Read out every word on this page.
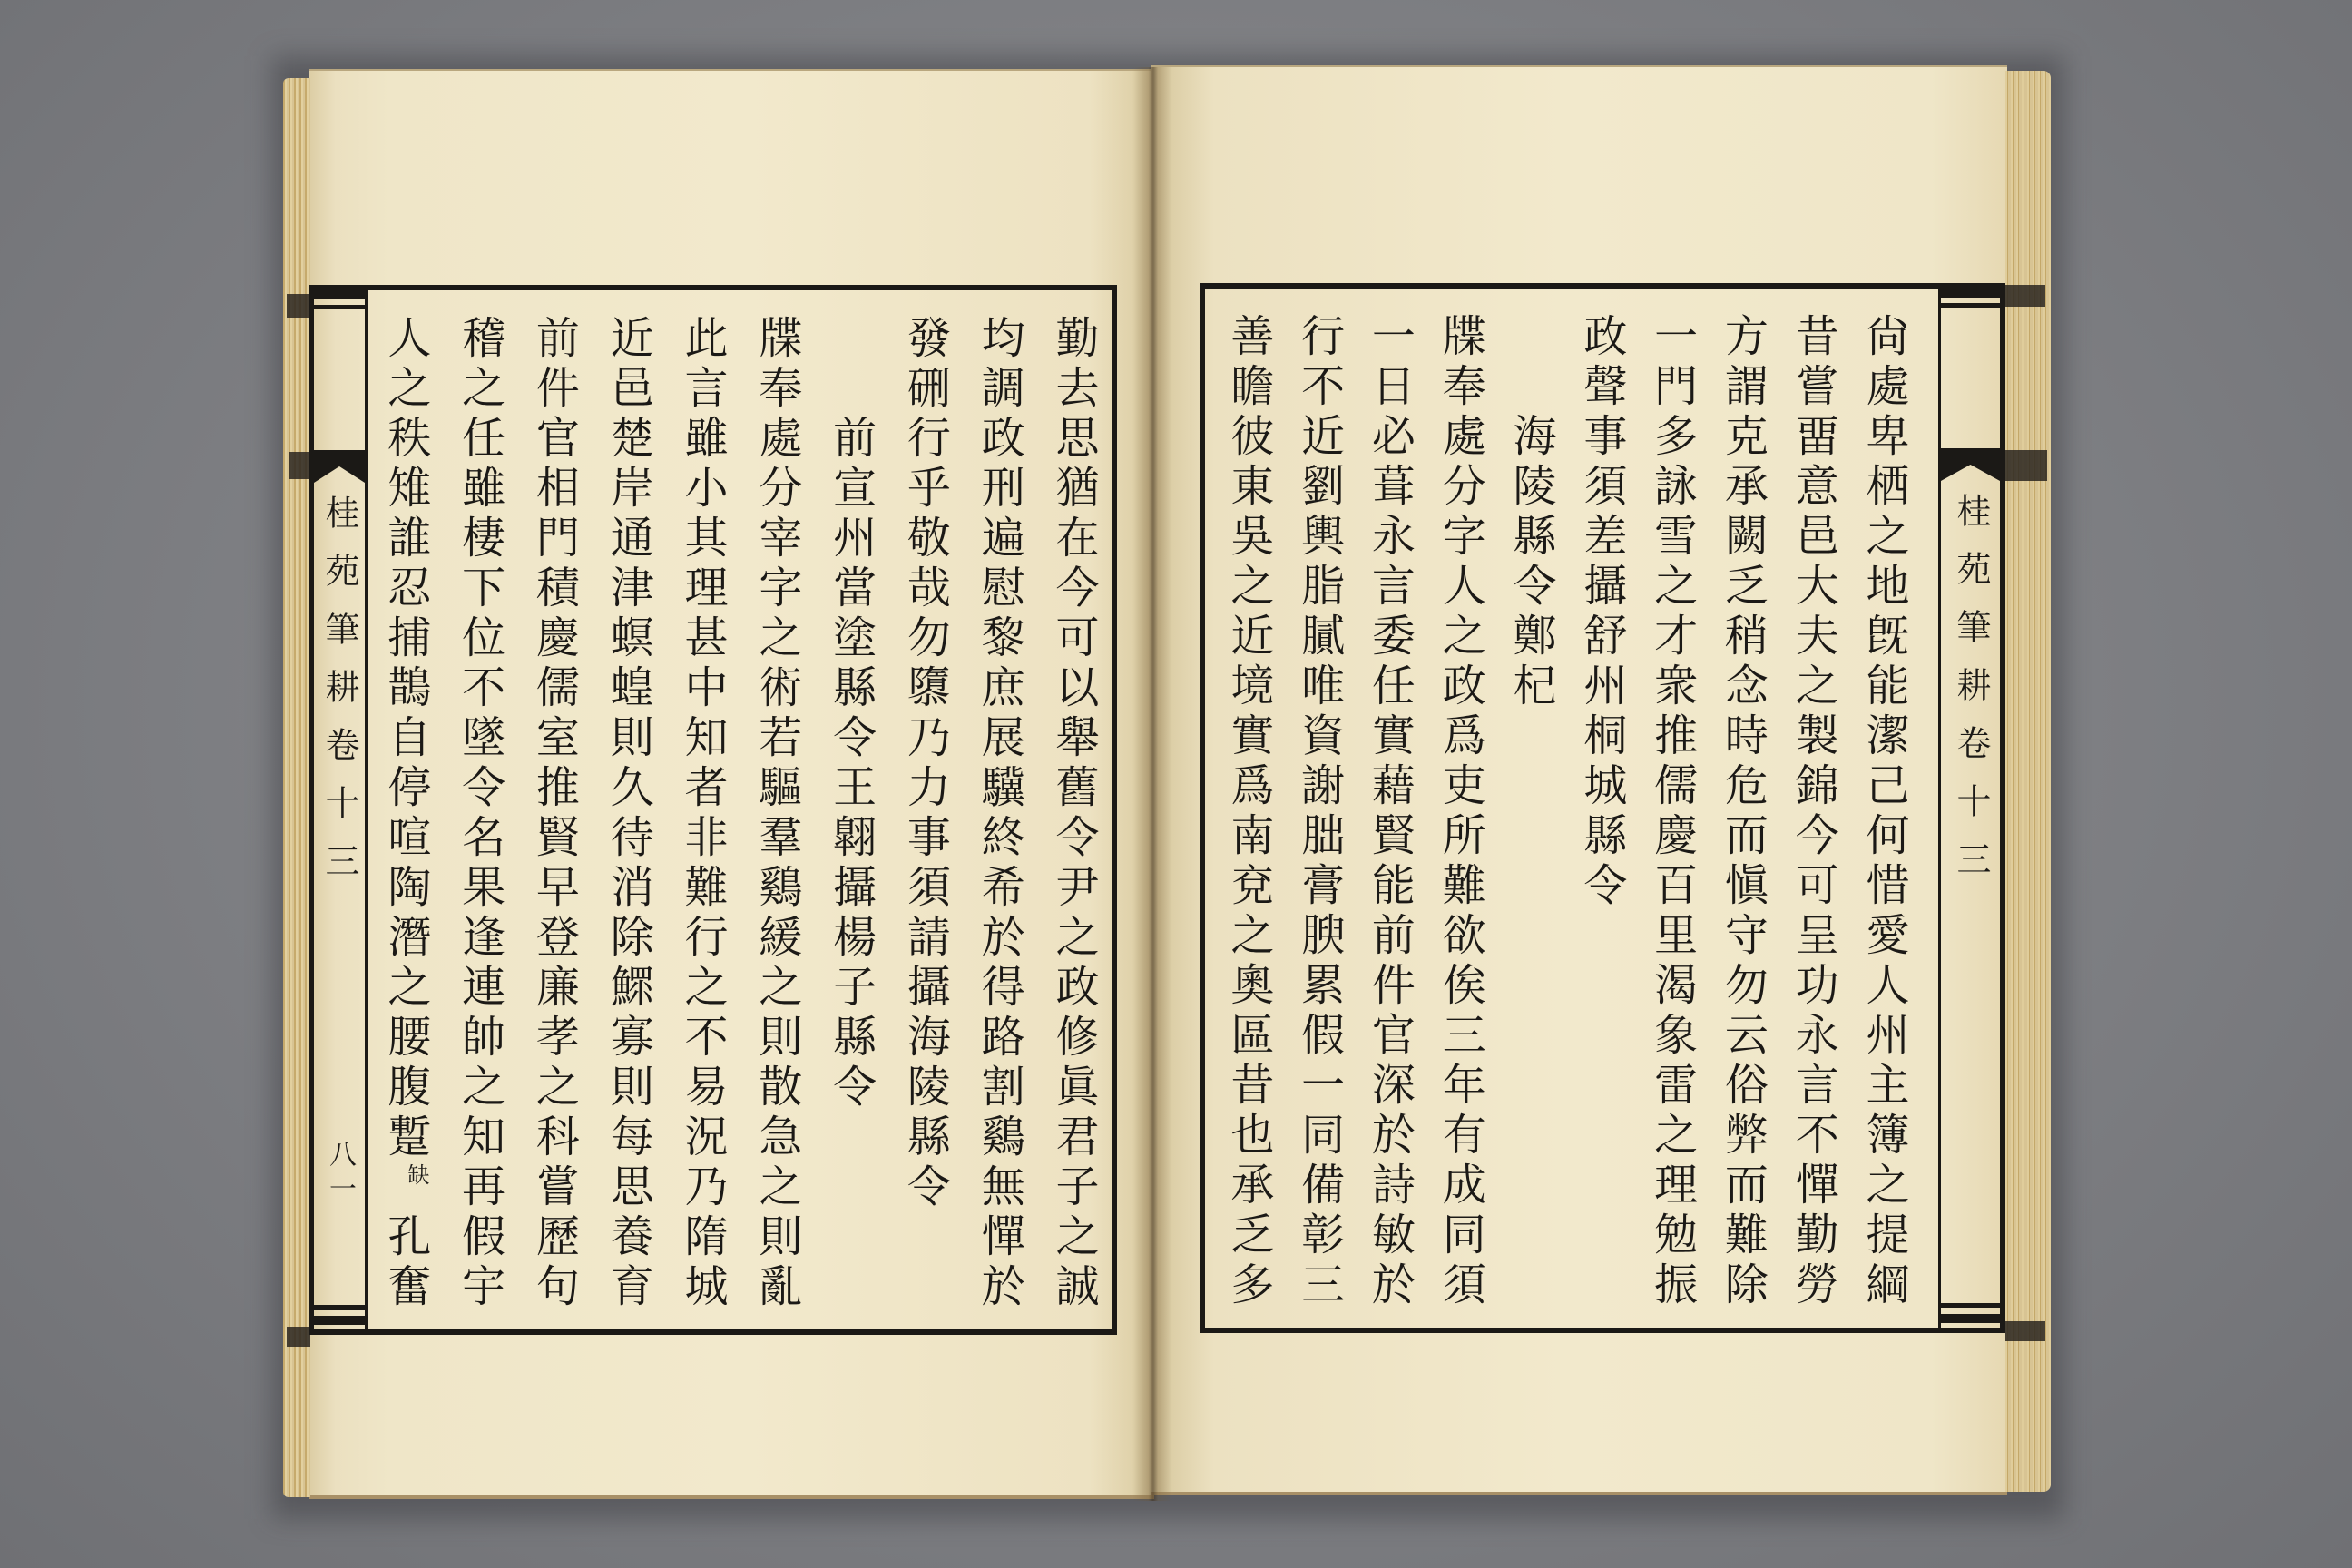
桂苑筆耕卷十三
八一	勤去思猶在今可以舉舊令尹之政修眞君子之誠
均調政刑遍慰黎庶展驥終希於得路割鷄無憚於
發硎行乎敬哉勿隳乃力事須請攝海陵縣令
前宣州當塗縣令王翺攝楊子縣令
牒奉處分宰字之術若驅羣鷄緩之則散急之則亂
此言雖小其理甚中知者非難行之不易況乃隋城
近邑楚岸通津螟蝗則久待消除鰥寡則每思養育
前件官相門積慶儒室推賢早登廉孝之科嘗歷句
稽之任雖棲下位不墜令名果逢連帥之知再假宇
人之秩雉誰忍捕鵲自停喧陶潛之腰腹蹔缺孔奮
桂苑筆耕卷十三
尙處卑栖之地旣能潔己何惜愛人州主簿之提綱
昔嘗畱意邑大夫之製錦今可呈功永言不憚勤勞
方謂克承闕乏稍念時危而愼守勿云俗弊而難除
一門多詠雪之才衆推儒慶百里渴象雷之理勉振
政聲事須差攝舒州桐城縣令
海陵縣令鄭杞
牒奉處分字人之政爲吏所難欲俟三年有成同須
一日必葺永言委任實藉賢能前件官深於詩敏於
行不近劉輿脂膩唯資謝朏膏腴累假一同備彰三
善瞻彼東吳之近境實爲南兗之奧區昔也承乏多
